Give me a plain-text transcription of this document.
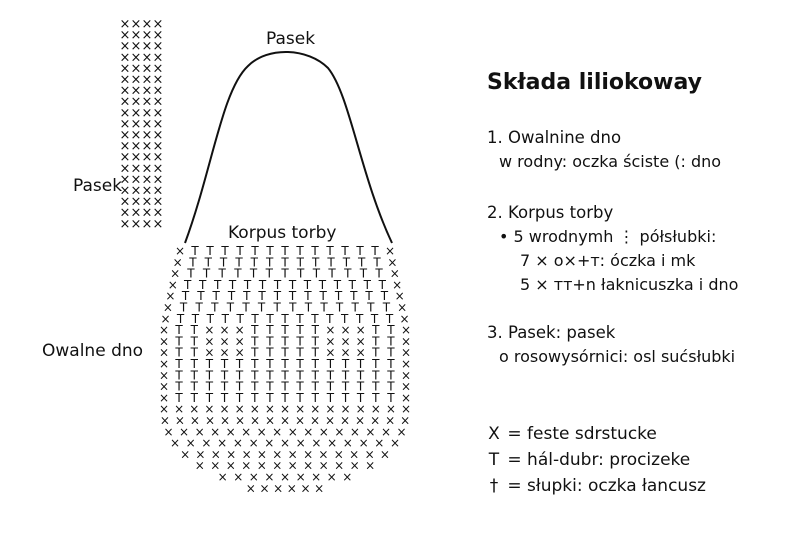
× × × ×
× × × ×
× × × ×
× × × ×
× × × ×
× × × ×
× × × ×
× × × ×
× × × ×
× × × ×
× × × ×
× × × ×
× × × ×
× × × ×
× × × ×
× × × ×
× × × ×
× × × ×
× × × ×
× T T T T T T T T T T T T T ×
× T T T T T T T T T T T T T ×
× T T T T T T T T T T T T T ×
× T T T T T T T T T T T T T T ×
× T T T T T T T T T T T T T T ×
× T T T T T T T T T T T T T T ×
× T T T T T T T T T T T T T T T ×
× T T × × × T T T T T × × × T T ×
× T T × × × T T T T T × × × T T ×
× T T × × × T T T T T × × × T T ×
× T T T T T T T T T T T T T T T ×
× T T T T T T T T T T T T T T T ×
× T T T T T T T T T T T T T T T ×
× T T T T T T T T T T T T T T T ×
× × × × × × × × × × × × × × × × ×
× × × × × × × × × × × × × × × × ×
× × × × × × × × × × × × × × × ×
× × × × × × × × × × × × × × ×
× × × × × × × × × × × × × ×
× × × × × × × × × × × ×
× × × × × × × × ×
× × × × × ×
Pasek
Pasek
Korpus torby
Owalne dno
Składa liliokoway
1. Owalnine dno
w rodny: oczka ściste (: dno
2. Korpus torby
• 5 wrodnymh ⋮ półsłubki:
7 × o×+ᴛ: óczka i mk
5 × ᴛᴛ+n łaknicuszka i dno
3. Pasek: pasek
o rosowysórnici: osl sućsłubki
X = feste sdrstucke
T = hál-dubr: procizeke
† = słupki: oczka łancusz
